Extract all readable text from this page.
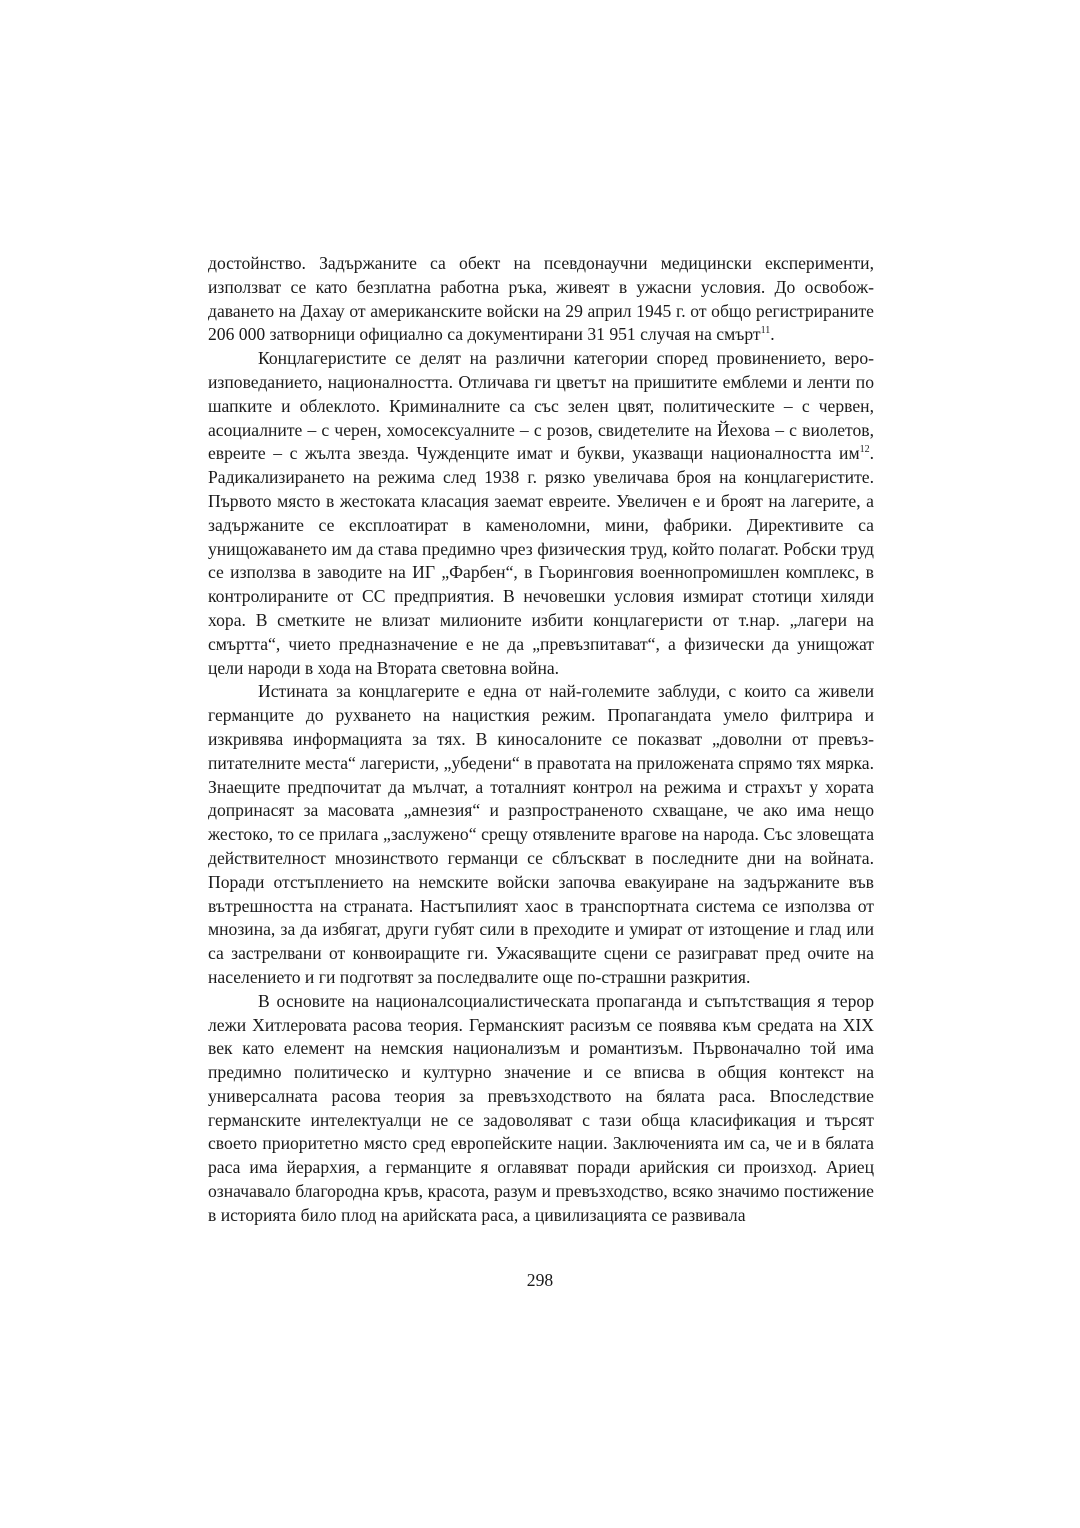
достойнство. Задържаните са обект на псевдонаучни медицински експерименти, използват се като безплатна работна ръка, живеят в ужасни условия. До освобождаването на Дахау от американските войски на 29 април 1945 г. от общо регистрираните 206 000 затворници официално са документирани 31 951 случая на смърт$^{11}$.

Концлагеристите се делят на различни категории според провинението, вероизповеданието, националността. Отличава ги цветът на пришитите емблеми и ленти по шапките и облеклото. Криминалните са със зелен цвят, политическите – с червен, асоциалните – с черен, хомосексуалните – с розов, свидетелите на Йехова – с виолетов, евреите – с жълта звезда. Чужденците имат и букви, указващи националността $им^{12}$. Радикализирането на режима след 1938 г. рязко увеличава броя на концлагеристите. Първото място в жестоката класация заемат евреите. Увеличен е и броят на лагерите, а задържаните се експлоатират в каменоломни, мини, фабрики. Директивите са унищожаването им да става предимно чрез физическия труд, който полагат. Робски труд се използва в заводите на ИГ „Фарбен“, в Гьоринговия военнопромишлен комплекс, в контролираните от СС предприятия. В нечовешки условия измират стотици хиляди хора. В сметките не влизат милионите избити концлагеристи от т.нар. „лагери на смъртта“, чието предназначение е не да „превъзпитават“, а физически да унищожат цели народи в хода на Втората световна война.

Истината за концлагерите е една от най-големите заблуди, с които са живели германците до рухването на нацисткия режим. Пропагандата умело филтрира и изкривява информацията за тях. В киносалоните се показват „доволни от превъзпитателните места“ лагеристи, „убедени“ в правотата на приложената спрямо тях мярка. Знаещите предпочитат да мълчат, а тоталният контрол на режима и страхът у хората допринасят за масовата „амнезия“ и разпространеното схващане, че ако има нещо жестоко, то се прилага „заслужено“ срещу отявлените врагове на народа. Със зловещата действителност мнозинството германци се сблъскват в последните дни на войната. Поради отстъплението на немските войски започва евакуиране на задържаните във вътрешността на страната. Настъпилият хаос в транспортната система се използва от мнозина, за да избягат, други губят сили в преходите и умират от изтощение и глад или са застрелвани от конвоиращите ги. Ужасяващите сцени се разиграват пред очите на населението и ги подготвят за последвалите още по-страшни разкрития.

В основите на националсоциалистическата пропаганда и съпътстващия я терор лежи Хитлеровата расова теория. Германският расизъм се появява към средата на XIX век като елемент на немския национализъм и романтизъм. Първоначално той има предимно политическо и културно значение и се вписва в общия контекст на универсалната расова теория за превъзходството на бялата раса. Впоследствие германските интелектуалци не се задоволяват с тази обща класификация и търсят своето приоритетно място сред европейските нации. Заключенията им са, че и в бялата раса има йерархия, а германците я оглавяват поради арийския си произход. Ариец означавало благородна кръв, красота, разум и превъзходство, всяко значимо постижение в историята било плод на арийската раса, а цивилизацията се развивала

298
